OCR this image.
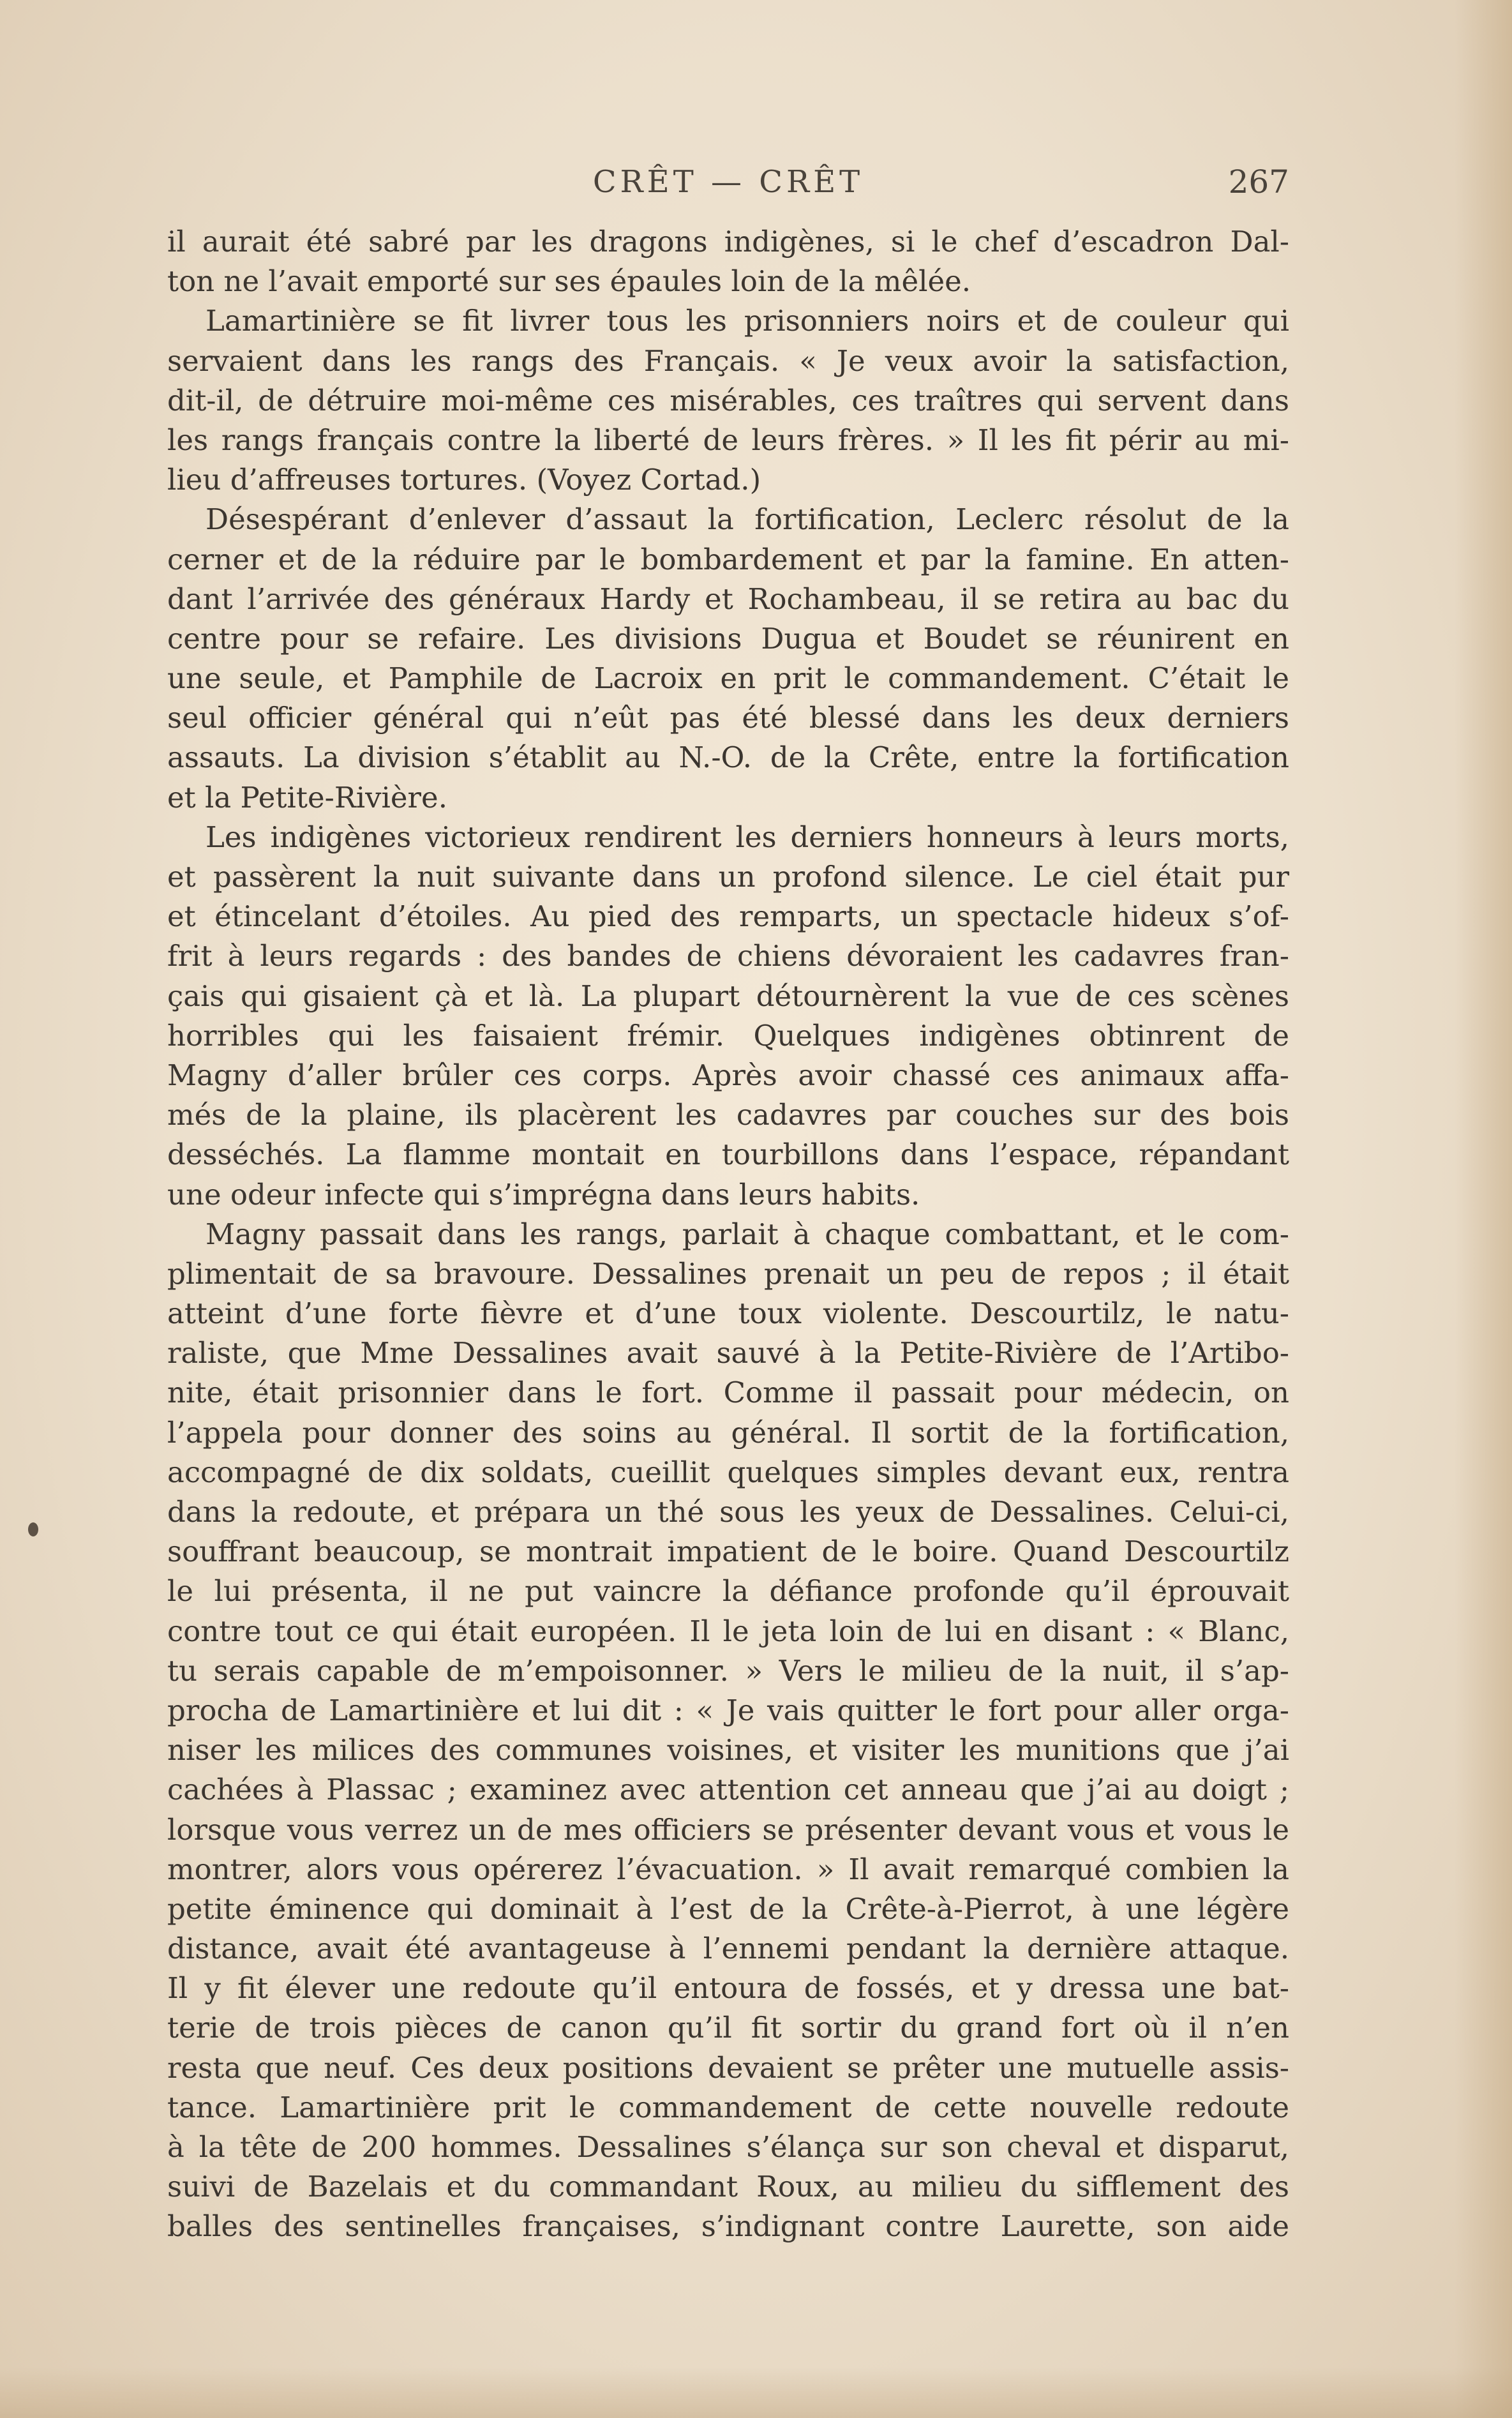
CRÊT — CRÊT	267
il aurait été sabré par les dragons indigènes, si le chef d’escadron Dal-
ton ne l’avait emporté sur ses épaules loin de la mêlée.
Lamartinière se fit livrer tous les prisonniers noirs et de couleur qui
servaient dans les rangs des Français. « Je veux avoir la satisfaction,
dit-il, de détruire moi-même ces misérables, ces traîtres qui servent dans
les rangs français contre la liberté de leurs frères. » Il les fit périr au mi-
lieu d’affreuses tortures. (Voyez Cortad.)
Désespérant d’enlever d’assaut la fortification, Leclerc résolut de la
cerner et de la réduire par le bombardement et par la famine. En atten-
dant l’arrivée des généraux Hardy et Rochambeau, il se retira au bac du
centre pour se refaire. Les divisions Dugua et Boudet se réunirent en
une seule, et Pamphile de Lacroix en prit le commandement. C’était le
seul officier général qui n’eût pas été blessé dans les deux derniers
assauts. La division s’établit au N.-O. de la Crête, entre la fortification
et la Petite-Rivière.
Les indigènes victorieux rendirent les derniers honneurs à leurs morts,
et passèrent la nuit suivante dans un profond silence. Le ciel était pur
et étincelant d’étoiles. Au pied des remparts, un spectacle hideux s’of-
frit à leurs regards : des bandes de chiens dévoraient les cadavres fran-
çais qui gisaient çà et là. La plupart détournèrent la vue de ces scènes
horribles qui les faisaient frémir. Quelques indigènes obtinrent de
Magny d’aller brûler ces corps. Après avoir chassé ces animaux affa-
més de la plaine, ils placèrent les cadavres par couches sur des bois
desséchés. La flamme montait en tourbillons dans l’espace, répandant
une odeur infecte qui s’imprégna dans leurs habits.
Magny passait dans les rangs, parlait à chaque combattant, et le com-
plimentait de sa bravoure. Dessalines prenait un peu de repos ; il était
atteint d’une forte fièvre et d’une toux violente. Descourtilz, le natu-
raliste, que Mme Dessalines avait sauvé à la Petite-Rivière de l’Artibo-
nite, était prisonnier dans le fort. Comme il passait pour médecin, on
l’appela pour donner des soins au général. Il sortit de la fortification,
accompagné de dix soldats, cueillit quelques simples devant eux, rentra
dans la redoute, et prépara un thé sous les yeux de Dessalines. Celui-ci,
souffrant beaucoup, se montrait impatient de le boire. Quand Descourtilz
le lui présenta, il ne put vaincre la défiance profonde qu’il éprouvait
contre tout ce qui était européen. Il le jeta loin de lui en disant : « Blanc,
tu serais capable de m’empoisonner. » Vers le milieu de la nuit, il s’ap-
procha de Lamartinière et lui dit : « Je vais quitter le fort pour aller orga-
niser les milices des communes voisines, et visiter les munitions que j’ai
cachées à Plassac ; examinez avec attention cet anneau que j’ai au doigt ;
lorsque vous verrez un de mes officiers se présenter devant vous et vous le
montrer, alors vous opérerez l’évacuation. » Il avait remarqué combien la
petite éminence qui dominait à l’est de la Crête-à-Pierrot, à une légère
distance, avait été avantageuse à l’ennemi pendant la dernière attaque.
Il y fit élever une redoute qu’il entoura de fossés, et y dressa une bat-
terie de trois pièces de canon qu’il fit sortir du grand fort où il n’en
resta que neuf. Ces deux positions devaient se prêter une mutuelle assis-
tance. Lamartinière prit le commandement de cette nouvelle redoute
à la tête de 200 hommes. Dessalines s’élança sur son cheval et disparut,
suivi de Bazelais et du commandant Roux, au milieu du sifflement des
balles des sentinelles françaises, s’indignant contre Laurette, son aide
